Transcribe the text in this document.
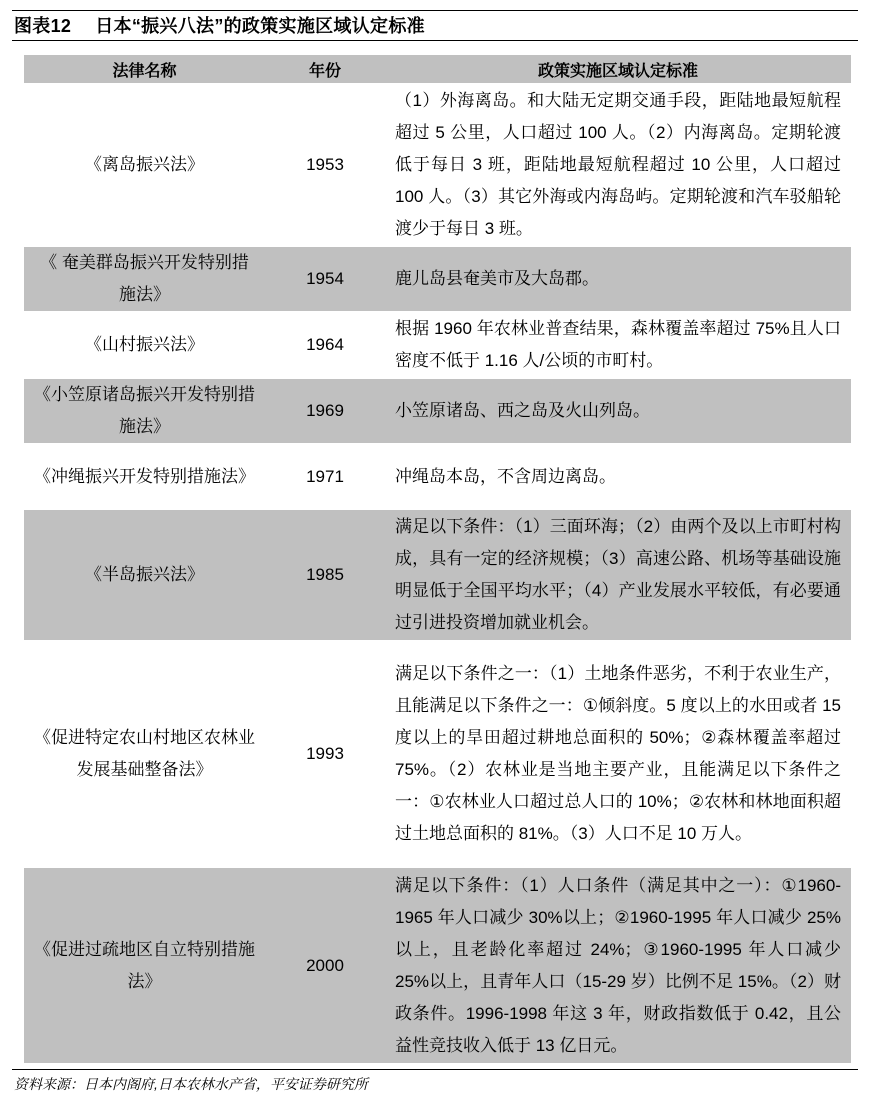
图表12 日本“振兴八法”的政策实施区域认定标准
法律名称	年份	政策实施区域认定标准
《离岛振兴法》	1953	（1）外海离岛。和大陆无定期交通手段，距陆地最短航程超过 5 公里，人口超过 100 人。（2）内海离岛。定期轮渡低于每日 3 班，距陆地最短航程超过 10 公里，人口超过 100 人。（3）其它外海或内海岛屿。定期轮渡和汽车驳船轮渡少于每日 3 班。
《 奄美群岛振兴开发特别措施法》	1954	鹿儿岛县奄美市及大岛郡。
《山村振兴法》	1964	根据 1960 年农林业普查结果，森林覆盖率超过 75%且人口密度不低于 1.16 人/公顷的市町村。
《小笠原诸岛振兴开发特别措施法》	1969	小笠原诸岛、西之岛及火山列岛。
《冲绳振兴开发特别措施法》	1971	冲绳岛本岛，不含周边离岛。
《半岛振兴法》	1985	满足以下条件：（1）三面环海；（2）由两个及以上市町村构成，具有一定的经济规模；（3）高速公路、机场等基础设施明显低于全国平均水平；（4）产业发展水平较低，有必要通过引进投资增加就业机会。
《促进特定农山村地区农林业发展基础整备法》	1993	满足以下条件之一：（1）土地条件恶劣，不利于农业生产，且能满足以下条件之一：①倾斜度。5 度以上的水田或者 15 度以上的旱田超过耕地总面积的 50%；②森林覆盖率超过 75%。（2）农林业是当地主要产业，且能满足以下条件之一：①农林业人口超过总人口的 10%；②农林和林地面积超过土地总面积的 81%。（3）人口不足 10 万人。
《促进过疏地区自立特别措施法》	2000	满足以下条件：（1）人口条件（满足其中之一）：①1960-1965 年人口减少 30%以上；②1960-1995 年人口减少 25%以上，且老龄化率超过 24%；③1960-1995 年人口减少 25%以上，且青年人口（15-29 岁）比例不足 15%。（2）财政条件。1996-1998 年这 3 年，财政指数低于 0.42，且公益性竞技收入低于 13 亿日元。
资料来源：日本内阁府,日本农林水产省，平安证券研究所
